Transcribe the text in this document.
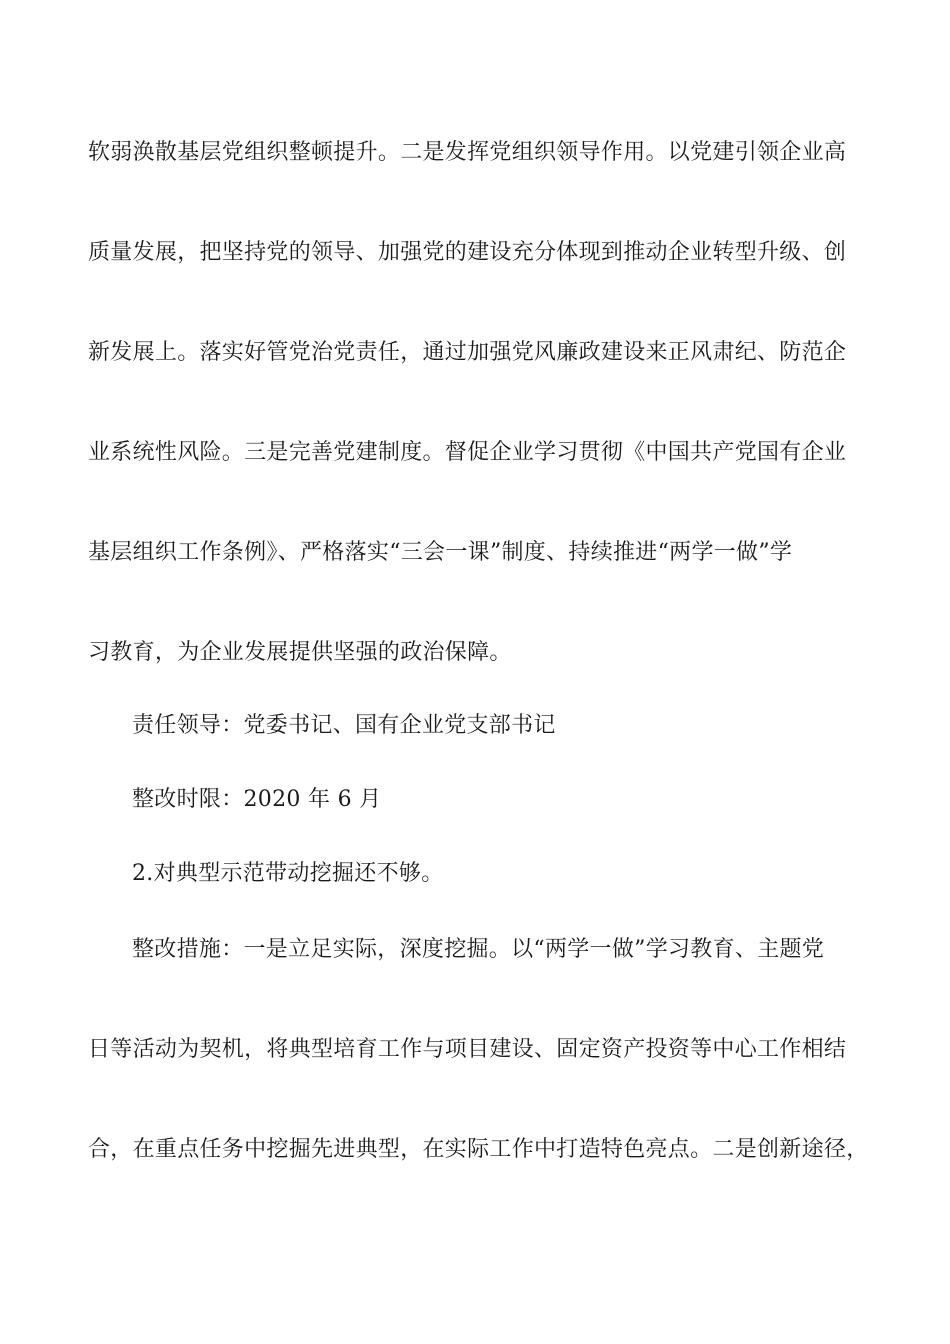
软弱涣散基层党组织整顿提升。二是发挥党组织领导作用。以党建引领企业高
质量发展，把坚持党的领导、加强党的建设充分体现到推动企业转型升级、创
新发展上。落实好管党治党责任，通过加强党风廉政建设来正风肃纪、防范企
业系统性风险。三是完善党建制度。督促企业学习贯彻《中国共产党国有企业
基层组织工作条例》、严格落实“三会一课”制度、持续推进“两学一做”学
习教育，为企业发展提供坚强的政治保障。
责任领导：党委书记、国有企业党支部书记
整改时限：2020 年 6 月
2.对典型示范带动挖掘还不够。
整改措施：一是立足实际，深度挖掘。以“两学一做”学习教育、主题党
日等活动为契机，将典型培育工作与项目建设、固定资产投资等中心工作相结
合，在重点任务中挖掘先进典型，在实际工作中打造特色亮点。二是创新途径，
